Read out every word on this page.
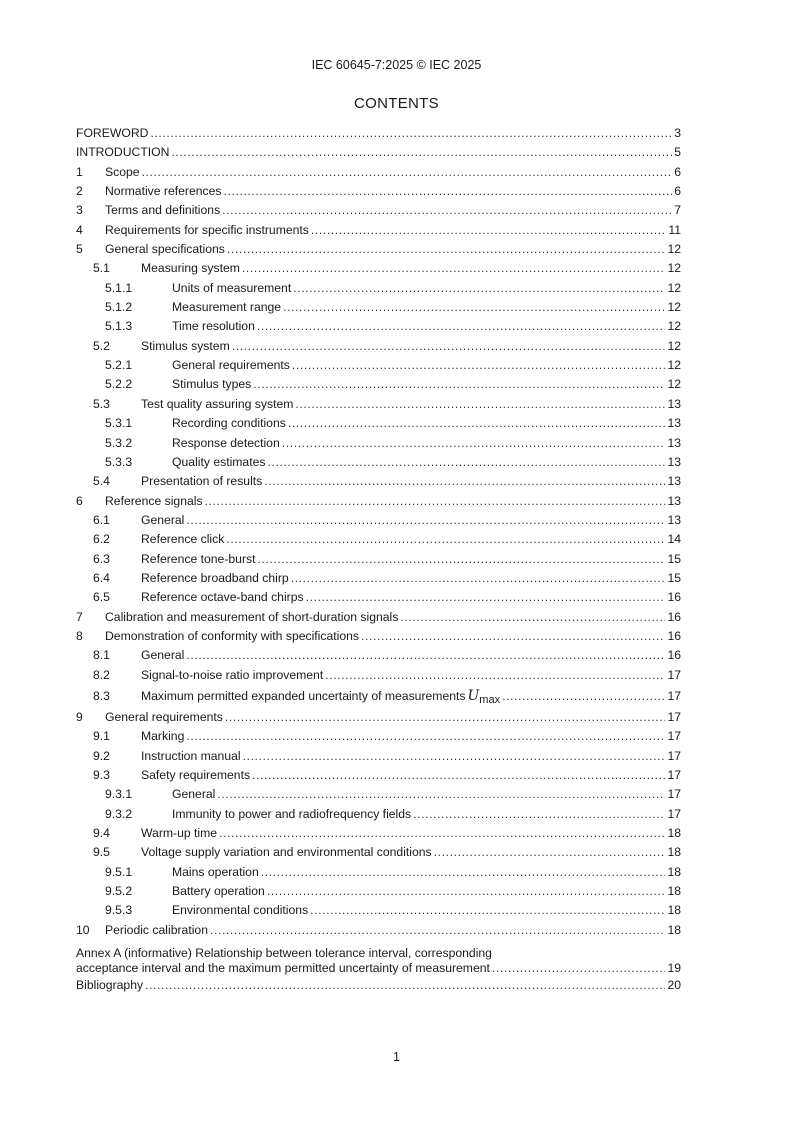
IEC 60645-7:2025 © IEC 2025
CONTENTS
FOREWORD .....	3
INTRODUCTION .....	5
1 Scope .....	6
2 Normative references .....	6
3 Terms and definitions .....	7
4 Requirements for specific instruments .....	11
5 General specifications .....	12
5.1	Measuring system .....	12
5.1.1	Units of measurement .....	12
5.1.2	Measurement range .....	12
5.1.3	Time resolution .....	12
5.2	Stimulus system .....	12
5.2.1	General requirements .....	12
5.2.2	Stimulus types .....	12
5.3	Test quality assuring system .....	13
5.3.1	Recording conditions .....	13
5.3.2	Response detection .....	13
5.3.3	Quality estimates .....	13
5.4	Presentation of results .....	13
6 Reference signals .....	13
6.1	General .....	13
6.2	Reference click .....	14
6.3	Reference tone-burst .....	15
6.4	Reference broadband chirp .....	15
6.5	Reference octave-band chirps .....	16
7 Calibration and measurement of short-duration signals .....	16
8 Demonstration of conformity with specifications .....	16
8.1	General .....	16
8.2	Signal-to-noise ratio improvement .....	17
8.3	Maximum permitted expanded uncertainty of measurements Umax .....	17
9 General requirements .....	17
9.1	Marking .....	17
9.2	Instruction manual .....	17
9.3	Safety requirements .....	17
9.3.1	General .....	17
9.3.2	Immunity to power and radiofrequency fields .....	17
9.4	Warm-up time .....	18
9.5	Voltage supply variation and environmental conditions .....	18
9.5.1	Mains operation .....	18
9.5.2	Battery operation .....	18
9.5.3	Environmental conditions .....	18
10 Periodic calibration .....	18
Annex A (informative) Relationship between tolerance interval, corresponding
acceptance interval and the maximum permitted uncertainty of measurement .....	19
Bibliography .....	20
1
